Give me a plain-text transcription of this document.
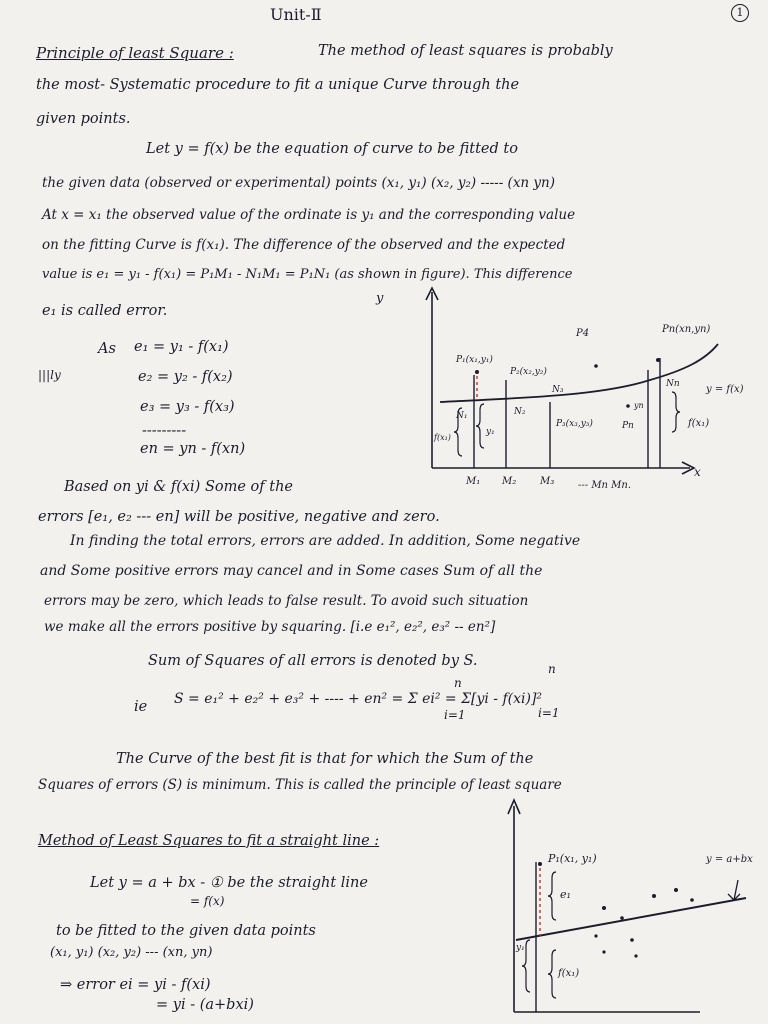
Unit-Ⅱ	1
Principle of least Square :	The method of least squares is probably
the most- Systematic procedure to fit a unique Curve through the
given points.
Let y = f(x) be the equation of curve to be fitted to
the given data (observed or experimental) points (x₁, y₁) (x₂, y₂) ----- (xn yn)
At x = x₁ the observed value of the ordinate is y₁ and the corresponding value
on the fitting Curve is f(x₁). The difference of the observed and the expected
value is e₁ = y₁ - f(x₁) = P₁M₁ - N₁M₁ = P₁N₁ (as shown in figure). This difference
e₁ is called error.
As e₁ = y₁ - f(x₁)
|||ly	e₂ = y₂ - f(x₂)
e₃ = y₃ - f(x₃)
---------
en = yn - f(xn)
y
x
P₁(x₁,y₁)
P₂(x₂,y₂)
P₃(x₃,y₃)
P4	Pn(xn,yn)
Pn
N₁	N₂
N₃
Nn	y = f(x)
f(x₁)
f(x₁)
y₁
yn
M₁ M₂ M₃ --- Mn Mn.
Based on yi & f(xi) Some of the
errors [e₁, e₂ --- en] will be positive, negative and zero.
In finding the total errors, errors are added. In addition, Some negative
and Some positive errors may cancel and in Some cases Sum of all the
errors may be zero, which leads to false result. To avoid such situation
we make all the errors positive by squaring. [i.e e₁², e₂², e₃² -- en²]
Sum of Squares of all errors is denoted by S.
n
n
ie S = e₁² + e₂² + e₃² + ---- + en² = Σ ei² = Σ[yi - f(xi)]²
i=1	i=1
The Curve of the best fit is that for which the Sum of the
Squares of errors (S) is minimum. This is called the principle of least square
Method of Least Squares to fit a straight line :
Let y = a + bx - ① be the straight line
= f(x)
to be fitted to the given data points
(x₁, y₁) (x₂, y₂) --- (xn, yn)
⇒ error ei = yi - f(xi)
= yi - (a+bxi)
P₁(x₁, y₁)	y = a+bx
e₁
y₁
f(x₁)
